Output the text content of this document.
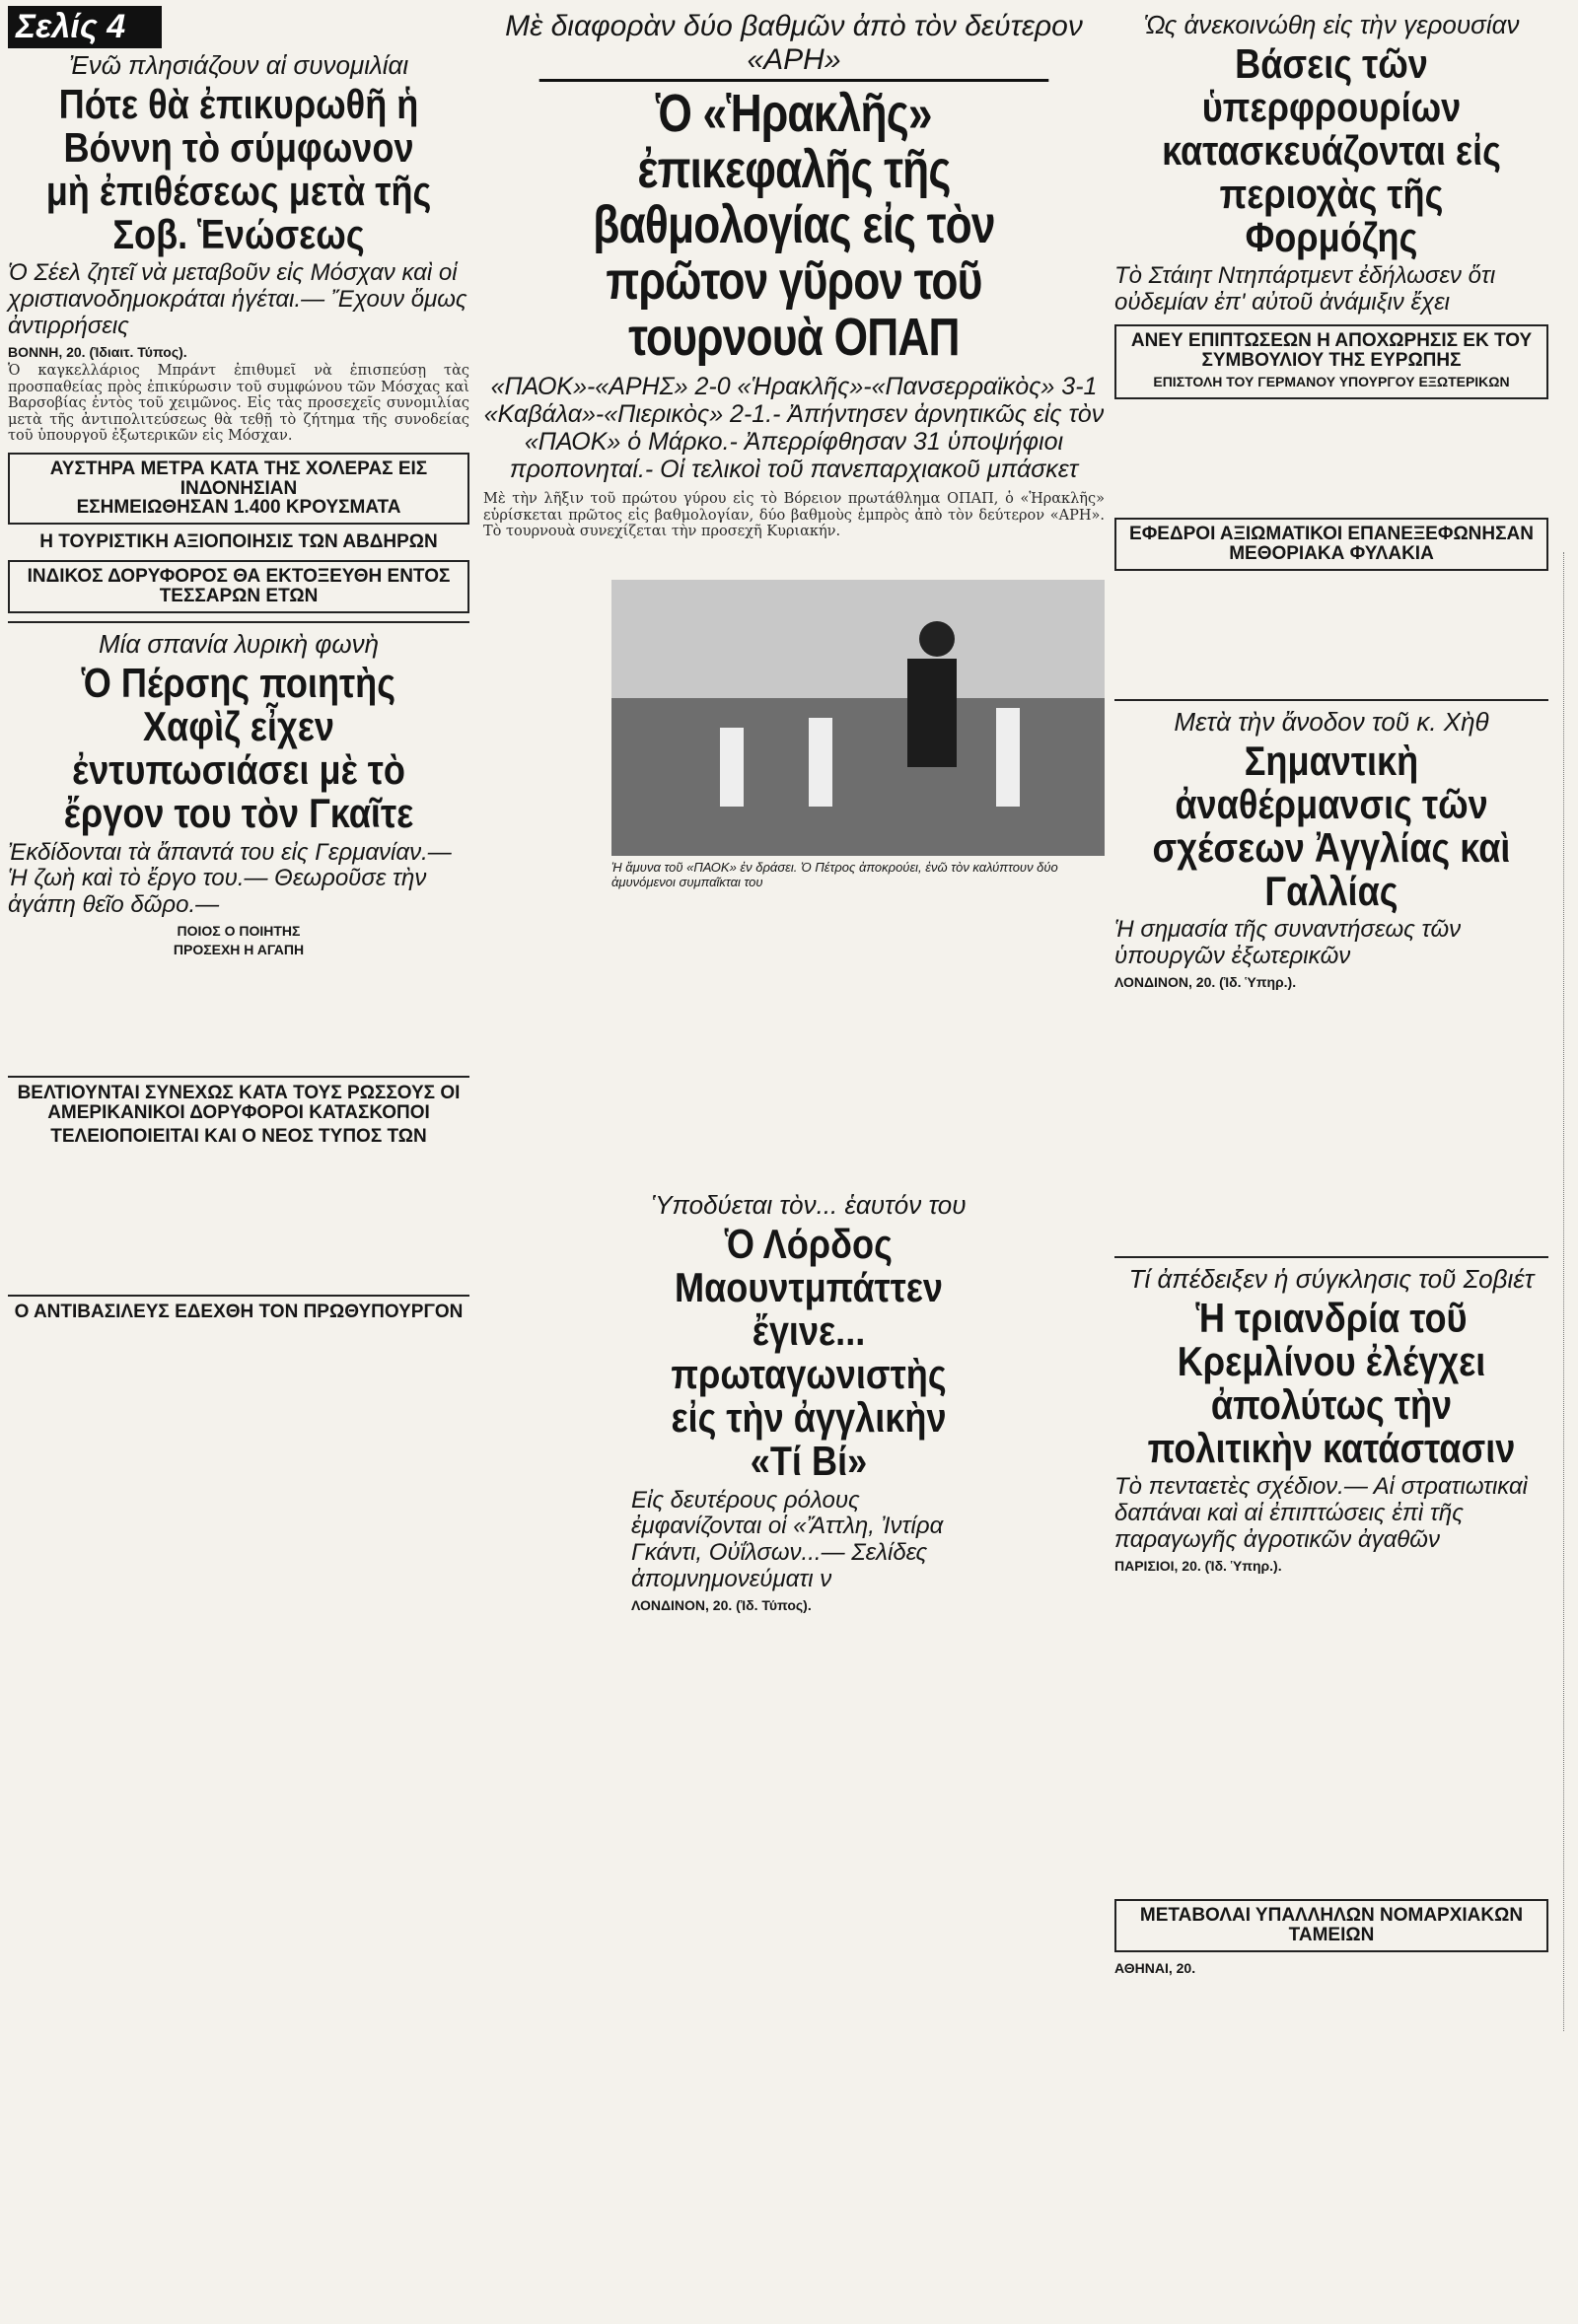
Σελίς 4
Ἐνῶ πλησιάζουν αἱ συνομιλίαι
Πότε θὰ ἐπικυρωθῆ ἡ Βόννη τὸ σύμφωνον μὴ ἐπιθέσεως μετὰ τῆς Σοβ. Ἑνώσεως
Ὁ Σέελ ζητεῖ νὰ μεταβοῦν εἰς Μόσχαν καὶ οἱ χριστιανοδημοκράται ἡγέται.— Ἔχουν ὅμως ἀντιρρήσεις
ΒΟΝΝΗ, 20. (Ἰδιαιτ. Τύπος).
Ὁ καγκελλάριος Μπράντ ἐπιθυμεῖ νὰ ἐπισπεύσῃ τὰς προσπαθείας πρὸς ἐπικύρωσιν τοῦ συμφώνου τῶν Μόσχας καὶ Βαρσοβίας ἐντὸς τοῦ χειμῶνος. Εἰς τὰς προσεχεῖς συνομιλίας μετὰ τῆς ἀντιπολιτεύσεως θὰ τεθῇ τὸ ζήτημα τῆς συνοδείας τοῦ ὑπουργοῦ ἐξωτερικῶν εἰς Μόσχαν.
ΑΥΣΤΗΡΑ ΜΕΤΡΑ ΚΑΤΑ ΤΗΣ ΧΟΛΕΡΑΣ ΕΙΣ ΙΝΔΟΝΗΣΙΑΝ
ΕΣΗΜΕΙΩΘΗΣΑΝ 1.400 ΚΡΟΥΣΜΑΤΑ
Η ΤΟΥΡΙΣΤΙΚΗ ΑΞΙΟΠΟΙΗΣΙΣ ΤΩΝ ΑΒΔΗΡΩΝ
ΙΝΔΙΚΟΣ ΔΟΡΥΦΟΡΟΣ ΘΑ ΕΚΤΟΞΕΥΘΗ ΕΝΤΟΣ ΤΕΣΣΑΡΩΝ ΕΤΩΝ
Μία σπανία λυρικὴ φωνὴ
Ὁ Πέρσης ποιητὴς Χαφὶζ εἶχεν ἐντυπωσιάσει μὲ τὸ ἔργον του τὸν Γκαῖτε
Ἐκδίδονται τὰ ἄπαντά του εἰς Γερμανίαν.— Ἡ ζωὴ καὶ τὸ ἔργο του.— Θεωροῦσε τὴν ἀγάπη θεῖο δῶρο.—
ΠΟΙΟΣ Ο ΠΟΙΗΤΗΣ
ΠΡΟΣΕΧΗ Η ΑΓΑΠΗ
ΒΕΛΤΙΟΥΝΤΑΙ ΣΥΝΕΧΩΣ ΚΑΤΑ ΤΟΥΣ ΡΩΣΣΟΥΣ ΟΙ ΑΜΕΡΙΚΑΝΙΚΟΙ ΔΟΡΥΦΟΡΟΙ ΚΑΤΑΣΚΟΠΟΙ
ΤΕΛΕΙΟΠΟΙΕΙΤΑΙ ΚΑΙ Ο ΝΕΟΣ ΤΥΠΟΣ ΤΩΝ
Ο ΑΝΤΙΒΑΣΙΛΕΥΣ ΕΔΕΧΘΗ ΤΟΝ ΠΡΩΘΥΠΟΥΡΓΟΝ
Μὲ διαφορὰν δύο βαθμῶν ἀπὸ τὸν δεύτερον «ΑΡΗ»
Ὁ «Ἡρακλῆς» ἐπικεφαλῆς τῆς βαθμολογίας εἰς τὸν πρῶτον γῦρον τοῦ τουρνουὰ ΟΠΑΠ
«ΠΑΟΚ»-«ΑΡΗΣ» 2-0 «Ἡρακλῆς»-«Πανσερραϊκὸς» 3-1 «Καβάλα»-«Πιερικὸς» 2-1.- Ἀπήντησεν ἀρνητικῶς εἰς τὸν «ΠΑΟΚ» ὁ Μάρκο.- Ἀπερρίφθησαν 31 ὑποψήφιοι προπονηταί.- Οἱ τελικοὶ τοῦ πανεπαρχιακοῦ μπάσκετ
Μὲ τὴν λῆξιν τοῦ πρώτου γύρου εἰς τὸ Βόρειον πρωτάθλημα ΟΠΑΠ, ὁ «Ἡρακλῆς» εὑρίσκεται πρῶτος εἰς βαθμολογίαν, δύο βαθμοὺς ἐμπρὸς ἀπὸ τὸν δεύτερον «ΑΡΗ». Τὸ τουρνουὰ συνεχίζεται τὴν προσεχῆ Κυριακήν.
Ἡ ἄμυνα τοῦ «ΠΑΟΚ» ἐν δράσει. Ὁ Πέτρος ἀποκρούει, ἐνῶ τὸν καλύπτουν δύο ἀμυνόμενοι συμπαῖκται του
Ὑποδύεται τὸν... ἑαυτόν του
Ὁ Λόρδος Μαουντμπάττεν ἔγινε... πρωταγωνιστὴς εἰς τὴν ἀγγλικὴν «Τί Βί»
Εἰς δευτέρους ρόλους ἐμφανίζονται οἱ «Ἄττλη, Ἰντίρα Γκάντι, Οὐΐλσων...— Σελίδες ἀπομνημονεύματι ν
ΛΟΝΔΙΝΟΝ, 20. (Ἰδ. Τύπος).
Ὡς ἀνεκοινώθη εἰς τὴν γερουσίαν
Βάσεις τῶν ὑπερφρουρίων κατασκευάζονται εἰς περιοχὰς τῆς Φορμόζης
Τὸ Στάιητ Ντηπάρτμεντ ἐδήλωσεν ὅτι οὐδεμίαν ἐπ' αὐτοῦ ἀνάμιξιν ἔχει
ΑΝΕΥ ΕΠΙΠΤΩΣΕΩΝ Η ΑΠΟΧΩΡΗΣΙΣ ΕΚ ΤΟΥ ΣΥΜΒΟΥΛΙΟΥ ΤΗΣ ΕΥΡΩΠΗΣ
ΕΠΙΣΤΟΛΗ ΤΟΥ ΓΕΡΜΑΝΟΥ ΥΠΟΥΡΓΟΥ ΕΞΩΤΕΡΙΚΩΝ
ΕΦΕΔΡΟΙ ΑΞΙΩΜΑΤΙΚΟΙ ΕΠΑΝΕΞΕΦΩΝΗΣΑΝ ΜΕΘΟΡΙΑΚΑ ΦΥΛΑΚΙΑ
Μετὰ τὴν ἄνοδον τοῦ κ. Χὴθ
Σημαντικὴ ἀναθέρμανσις τῶν σχέσεων Ἀγγλίας καὶ Γαλλίας
Ἡ σημασία τῆς συναντήσεως τῶν ὑπουργῶν ἐξωτερικῶν
ΛΟΝΔΙΝΟΝ, 20. (Ἰδ. Ὑπηρ.).
Τί ἀπέδειξεν ἡ σύγκλησις τοῦ Σοβιέτ
Ἡ τριανδρία τοῦ Κρεμλίνου ἐλέγχει ἀπολύτως τὴν πολιτικὴν κατάστασιν
Τὸ πενταετὲς σχέδιον.— Αἱ στρατιωτικαὶ δαπάναι καὶ αἱ ἐπιπτώσεις ἐπὶ τῆς παραγωγῆς ἀγροτικῶν ἀγαθῶν
ΠΑΡΙΣΙΟΙ, 20. (Ἰδ. Ὑπηρ.).
ΜΕΤΑΒΟΛΑΙ ΥΠΑΛΛΗΛΩΝ ΝΟΜΑΡΧΙΑΚΩΝ ΤΑΜΕΙΩΝ
ΑΘΗΝΑΙ, 20.
